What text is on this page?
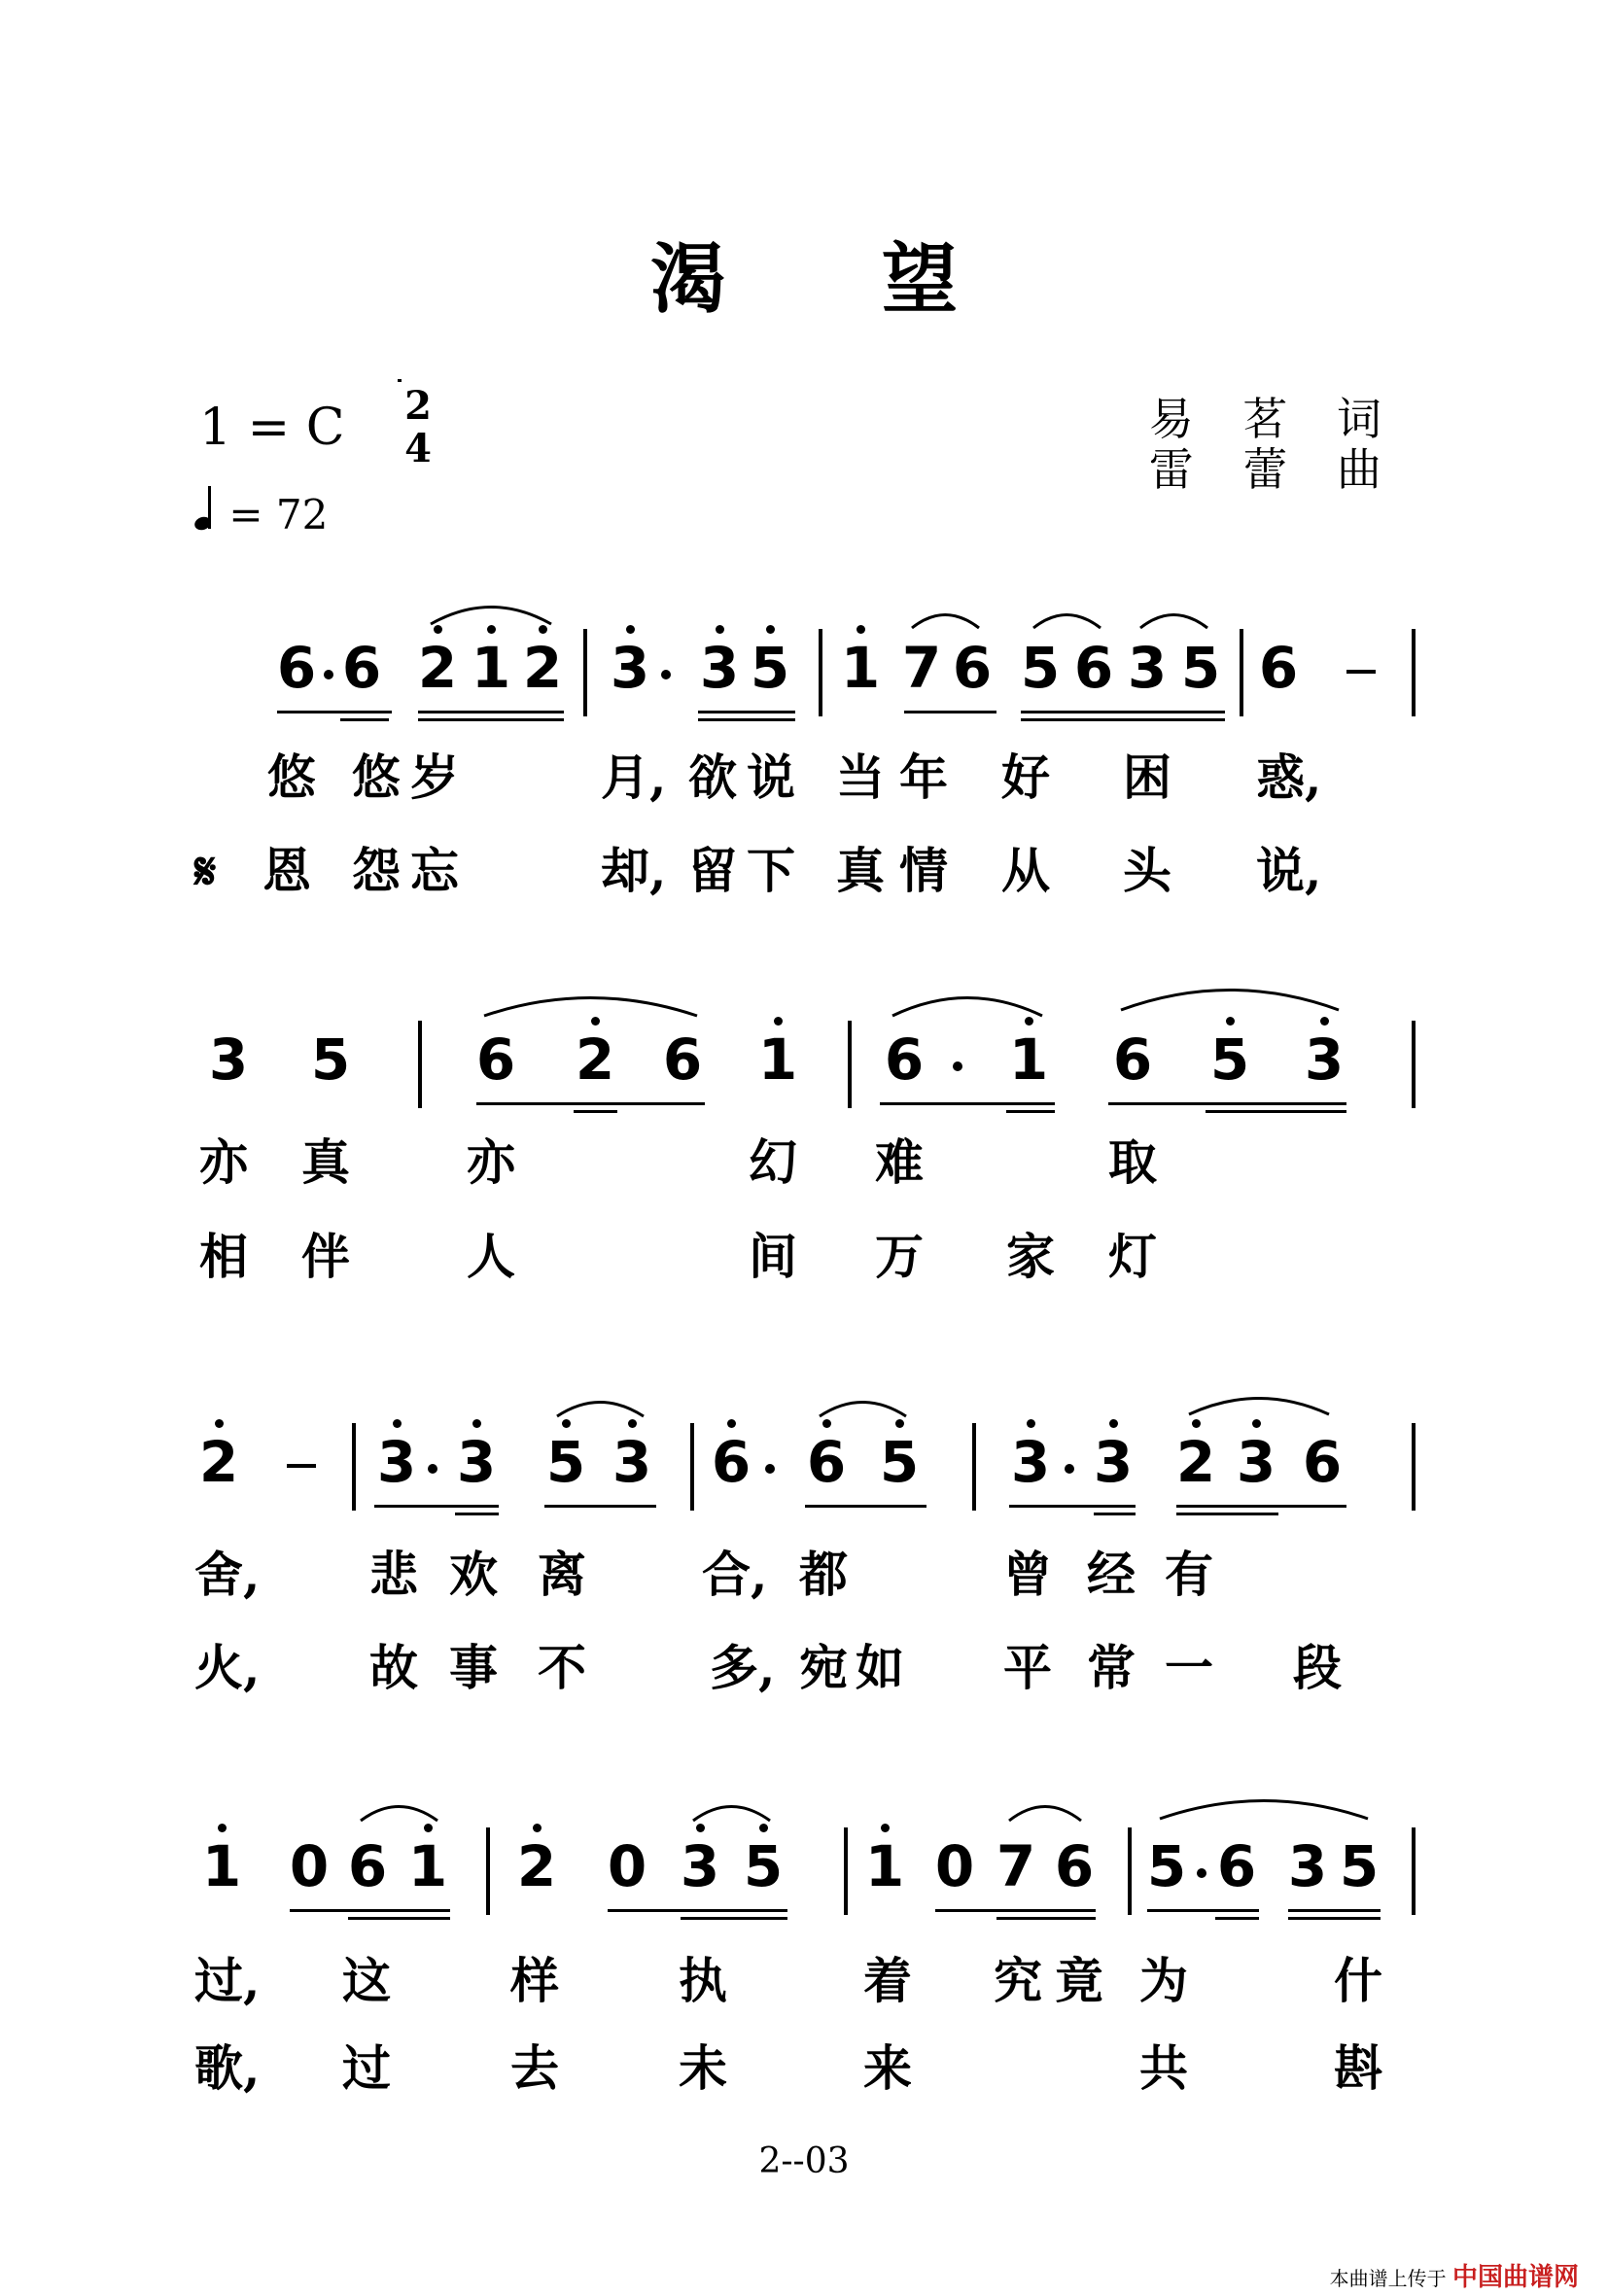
渴望
1 = C 2
4
= 72
易 茗 词
雷 蕾 曲
6 6 2 1 2 3 3 5 1 7 6 5 6 3 5 6
悠 悠 岁	月, 欲 说 当 年 好 困 惑,
𝄋 恩 怨 忘	却, 留 下 真 情 从 头 说,
3 5 6 2 6 1 6 1 6 5 3
亦 真 亦	幻 难	取
相 伴 人	间 万 家 灯
2 3 3 5 3 6 6 5 3 3 2 3 6
舍, 悲 欢 离 合, 都	曾 经 有
火, 故 事 不	多, 宛 如 平 常 一 段
1 0 6 1 2 0 3 5 1 0 7 6 5 6 3 5
过, 这 样 执	着 究 竟 为	什
歌, 过 去 未	来	共	斟
2--03
本曲谱上传于 中国曲谱网
